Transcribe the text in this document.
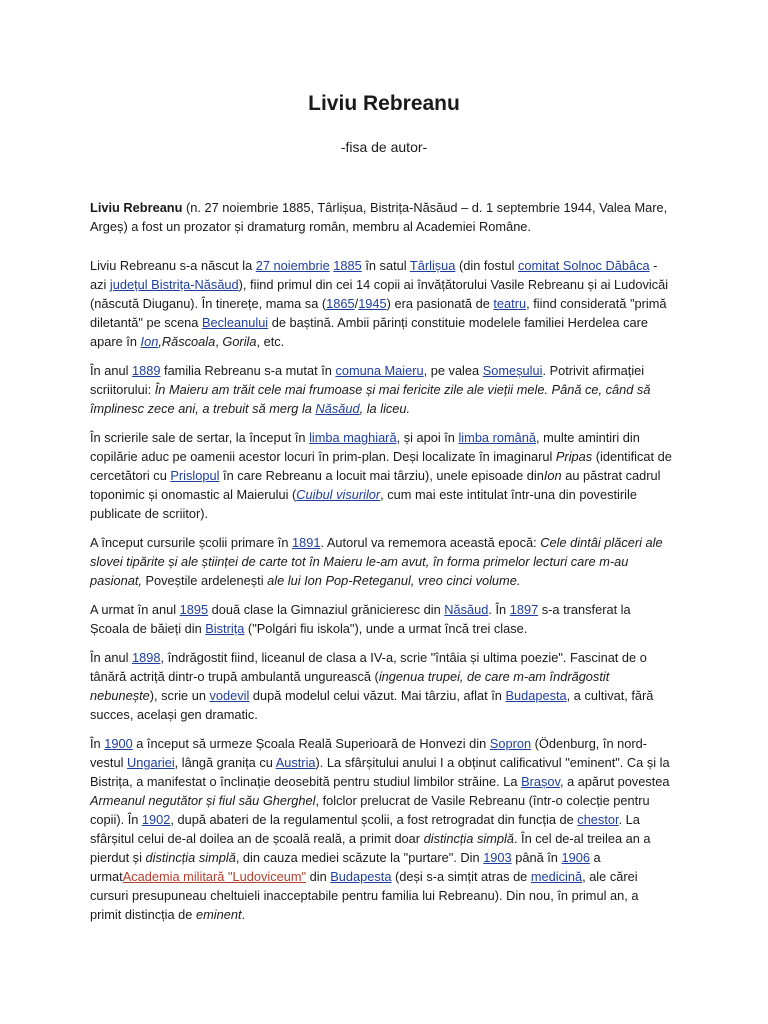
Liviu Rebreanu
-fisa de autor-

Liviu Rebreanu (n. 27 noiembrie 1885, Târlișua, Bistrița-Năsăud – d. 1 septembrie 1944, Valea Mare, Argeș) a fost un prozator și dramaturg român, membru al Academiei Române.

Liviu Rebreanu s-a născut la 27 noiembrie 1885 în satul Târlișua (din fostul comitat Solnoc Dăbâca - azi județul Bistrița-Năsăud), fiind primul din cei 14 copii ai învățătorului Vasile Rebreanu și ai Ludovicăi (născută Diuganu). În tinerețe, mama sa (1865/1945) era pasionată de teatru, fiind considerată "primă diletantă" pe scena Becleanului de baștină. Ambii părinți constituie modelele familiei Herdelea care apare în Ion,Răscoala, Gorila, etc.

În anul 1889 familia Rebreanu s-a mutat în comuna Maieru, pe valea Someșului. Potrivit afirmației scriitorului: În Maieru am trăit cele mai frumoase și mai fericite zile ale vieții mele. Până ce, când să împlinesc zece ani, a trebuit să merg la Năsăud, la liceu.

În scrierile sale de sertar, la început în limba maghiară, și apoi în limba română, multe amintiri din copilărie aduc pe oamenii acestor locuri în prim-plan. Deși localizate în imaginarul Pripas (identificat de cercetători cu Prislopul în care Rebreanu a locuit mai târziu), unele episoade dinIon au păstrat cadrul toponimic și onomastic al Maierului (Cuibul visurilor, cum mai este intitulat într-una din povestirile publicate de scriitor).

A început cursurile școlii primare în 1891. Autorul va rememora această epocă: Cele dintâi plăceri ale slovei tipărite și ale științei de carte tot în Maieru le-am avut, în forma primelor lecturi care m-au pasionat, Poveștile ardelenești ale lui Ion Pop-Reteganul, vreo cinci volume.

A urmat în anul 1895 două clase la Gimnaziul grănicieresc din Năsăud. În 1897 s-a transferat la Școala de băieți din Bistrița ("Polgári fiu iskola"), unde a urmat încă trei clase.

În anul 1898, îndrăgostit fiind, liceanul de clasa a IV-a, scrie "întâia și ultima poezie". Fascinat de o tânără actriță dintr-o trupă ambulantă ungurească (ingenua trupei, de care m-am îndrăgostit nebunește), scrie un vodevil după modelul celui văzut. Mai târziu, aflat în Budapesta, a cultivat, fără succes, același gen dramatic.

În 1900 a început să urmeze Școala Reală Superioară de Honvezi din Sopron (Ödenburg, în nord-vestul Ungariei, lângă granița cu Austria). La sfârșitului anului I a obținut calificativul "eminent". Ca și la Bistrița, a manifestat o înclinație deosebită pentru studiul limbilor străine. La Brașov, a apărut povestea Armeanul negutător și fiul său Gherghel, folclor prelucrat de Vasile Rebreanu (într-o colecție pentru copii). În 1902, după abateri de la regulamentul școlii, a fost retrogradat din funcția de chestor. La sfârșitul celui de-al doilea an de școală reală, a primit doar distincția simplă. În cel de-al treilea an a pierdut și distincția simplă, din cauza mediei scăzute la "purtare". Din 1903 până în 1906 a urmatAcademia militară "Ludoviceum" din Budapesta (deși s-a simțit atras de medicină, ale cărei cursuri presupuneau cheltuieli inacceptabile pentru familia lui Rebreanu). Din nou, în primul an, a primit distincția de eminent.
